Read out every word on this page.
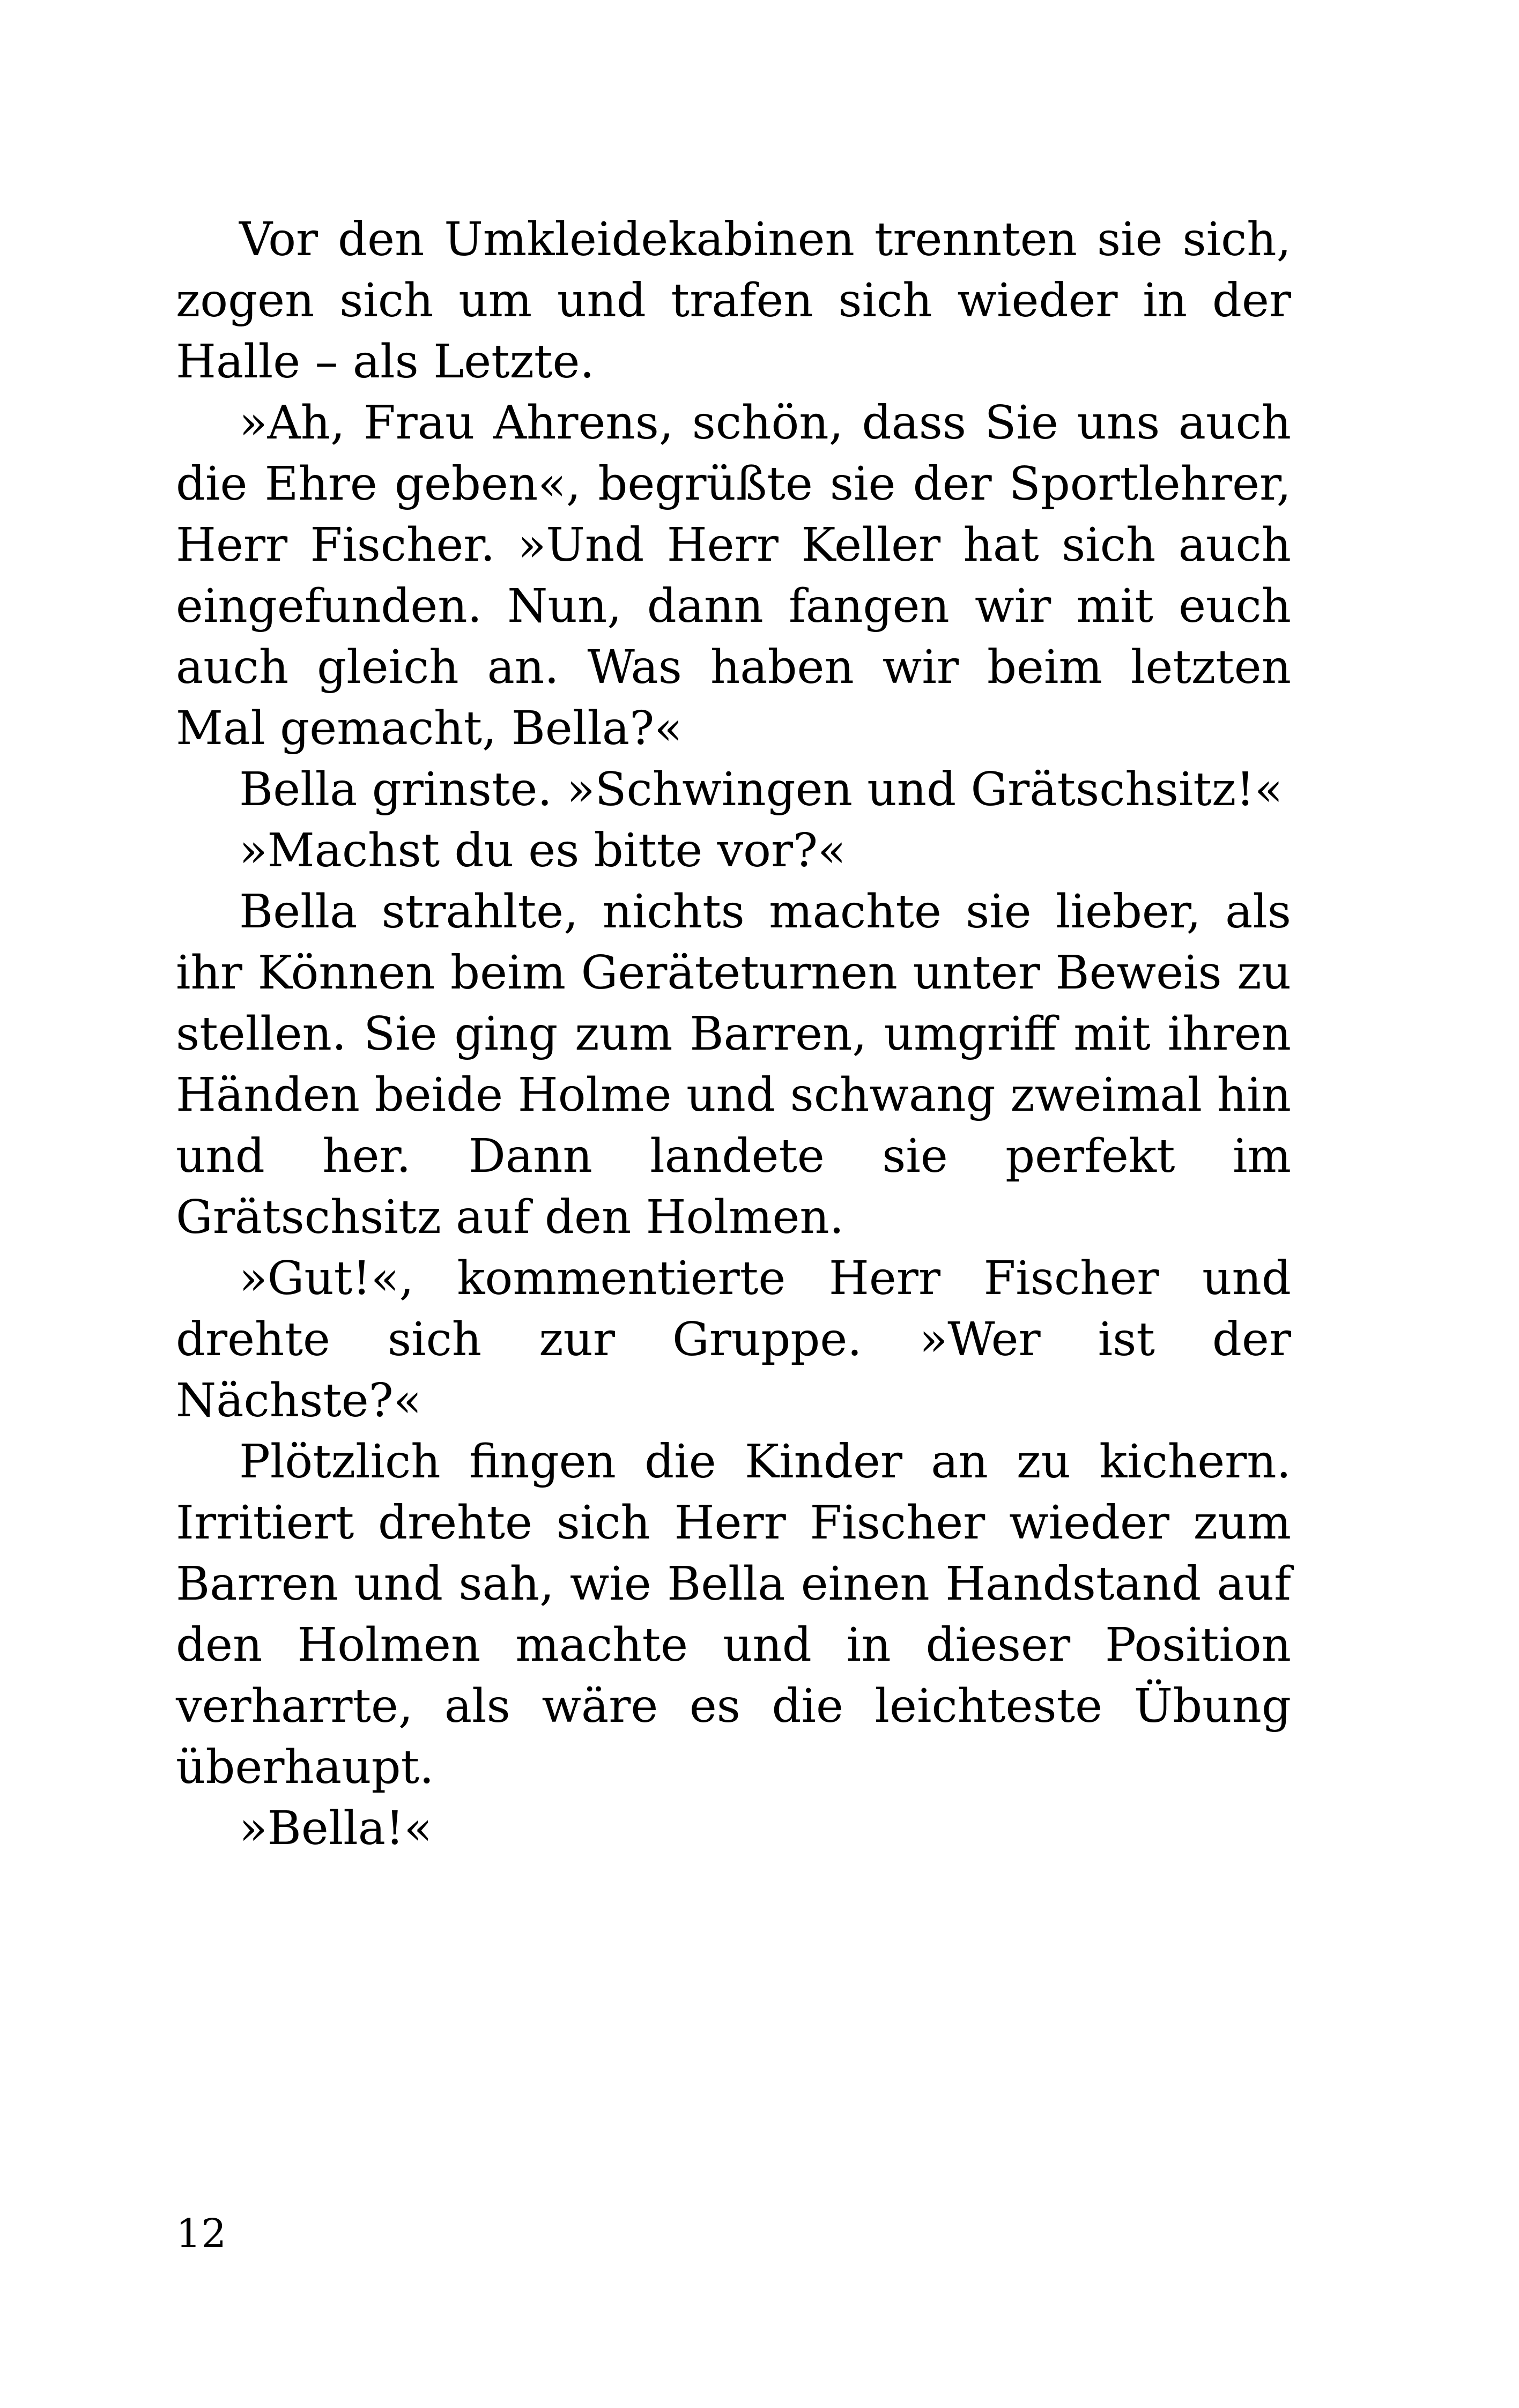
Vor den Umkleidekabinen trennten sie sich, zogen sich um und trafen sich wieder in der Halle – als Letzte.

»Ah, Frau Ahrens, schön, dass Sie uns auch die Ehre geben«, begrüßte sie der Sportlehrer, Herr Fischer. »Und Herr Keller hat sich auch eingefunden. Nun, dann fangen wir mit euch auch gleich an. Was haben wir beim letzten Mal gemacht, Bella?«

Bella grinste. »Schwingen und Grätschsitz!«

»Machst du es bitte vor?«

Bella strahlte, nichts machte sie lieber, als ihr Können beim Geräteturnen unter Beweis zu stellen. Sie ging zum Barren, umgriff mit ihren Händen beide Holme und schwang zweimal hin und her. Dann landete sie perfekt im Grätschsitz auf den Holmen.

»Gut!«, kommentierte Herr Fischer und drehte sich zur Gruppe. »Wer ist der Nächste?«

Plötzlich fingen die Kinder an zu kichern. Irritiert drehte sich Herr Fischer wieder zum Barren und sah, wie Bella einen Handstand auf den Holmen machte und in dieser Position verharrte, als wäre es die leichteste Übung überhaupt.

»Bella!«

12
